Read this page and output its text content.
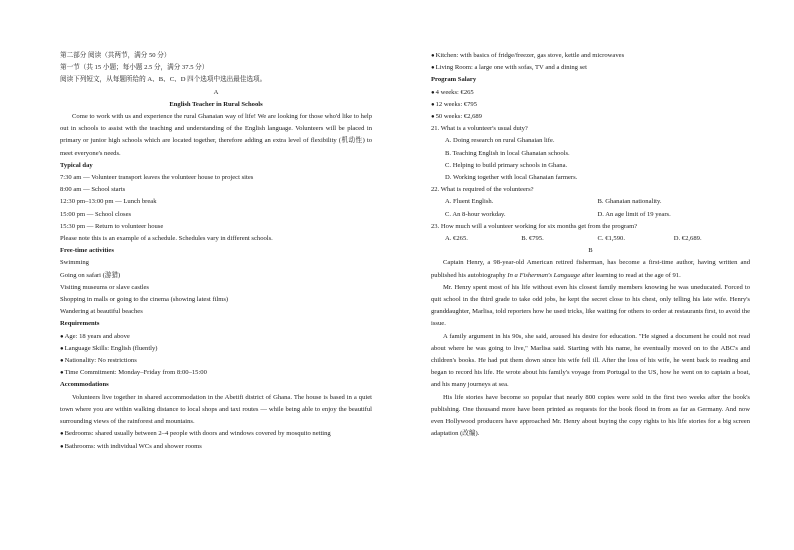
第二部分 阅读（共两节，满分 50 分）
第一节（共 15 小题；每小题 2.5 分，满分 37.5 分）
阅读下列短文，从每题所给的 A、B、C、D 四个选项中选出最佳选项。
A
English Teacher in Rural Schools
Come to work with us and experience the rural Ghanaian way of life! We are looking for those who'd like to help out in schools to assist with the teaching and understanding of the English language. Volunteers will be placed in primary or junior high schools which are located together, therefore adding an extra level of flexibility (机动性) to meet everyone's needs.
Typical day
7:30 am — Volunteer transport leaves the volunteer house to project sites
8:00 am — School starts
12:30 pm–13:00 pm — Lunch break
15:00 pm — School closes
15:30 pm — Return to volunteer house
Please note this is an example of a schedule. Schedules vary in different schools.
Free-time activities
Swimming
Going on safari (游猎)
Visiting museums or slave castles
Shopping in malls or going to the cinema (showing latest films)
Wandering at beautiful beaches
Requirements
● Age: 18 years and above
● Language Skills: English (fluently)
● Nationality: No restrictions
● Time Commitment: Monday–Friday from 8:00–15:00
Accommodations
Volunteers live together in shared accommodation in the Abetifi district of Ghana. The house is based in a quiet town where you are within walking distance to local shops and taxi routes — while being able to enjoy the beautiful surrounding views of the rainforest and mountains.
● Bedrooms: shared usually between 2–4 people with doors and windows covered by mosquito netting
● Bathrooms: with individual WCs and shower rooms
● Kitchen: with basics of fridge/freezer, gas stove, kettle and microwaves
● Living Room: a large one with sofas, TV and a dining set
Program Salary
● 4 weeks: €265
● 12 weeks: €795
● 50 weeks: €2,689
21. What is a volunteer's usual duty?
A. Doing research on rural Ghanaian life.
B. Teaching English in local Ghanaian schools.
C. Helping to build primary schools in Ghana.
D. Working together with local Ghanaian farmers.
22. What is required of the volunteers?
A. Fluent English.	B. Ghanaian nationality.
C. An 8-hour workday.	D. An age limit of 19 years.
23. How much will a volunteer working for six months get from the program?
A. €265.	B. €795.	C. €1,590.	D. €2,689.
B
Captain Henry, a 98-year-old American retired fisherman, has become a first-time author, having written and published his autobiography In a Fisherman's Language after learning to read at the age of 91.
Mr. Henry spent most of his life without even his closest family members knowing he was uneducated. Forced to quit school in the third grade to take odd jobs, he kept the secret close to his chest, only telling his late wife. Henry's granddaughter, Marlisa, told reporters how he used tricks, like waiting for others to order at restaurants first, to avoid the issue.
A family argument in his 90s, she said, aroused his desire for education. "He signed a document he could not read about where he was going to live," Marlisa said. Starting with his name, he eventually moved on to the ABC's and children's books. He had put them down since his wife fell ill. After the loss of his wife, he went back to reading and began to record his life. He wrote about his family's voyage from Portugal to the US, how he went on to captain a boat, and his many journeys at sea.
His life stories have become so popular that nearly 800 copies were sold in the first two weeks after the book's publishing. One thousand more have been printed as requests for the book flood in from as far as Germany. And now even Hollywood producers have approached Mr. Henry about buying the copy rights to his life stories for a big screen adaptation (改编).
